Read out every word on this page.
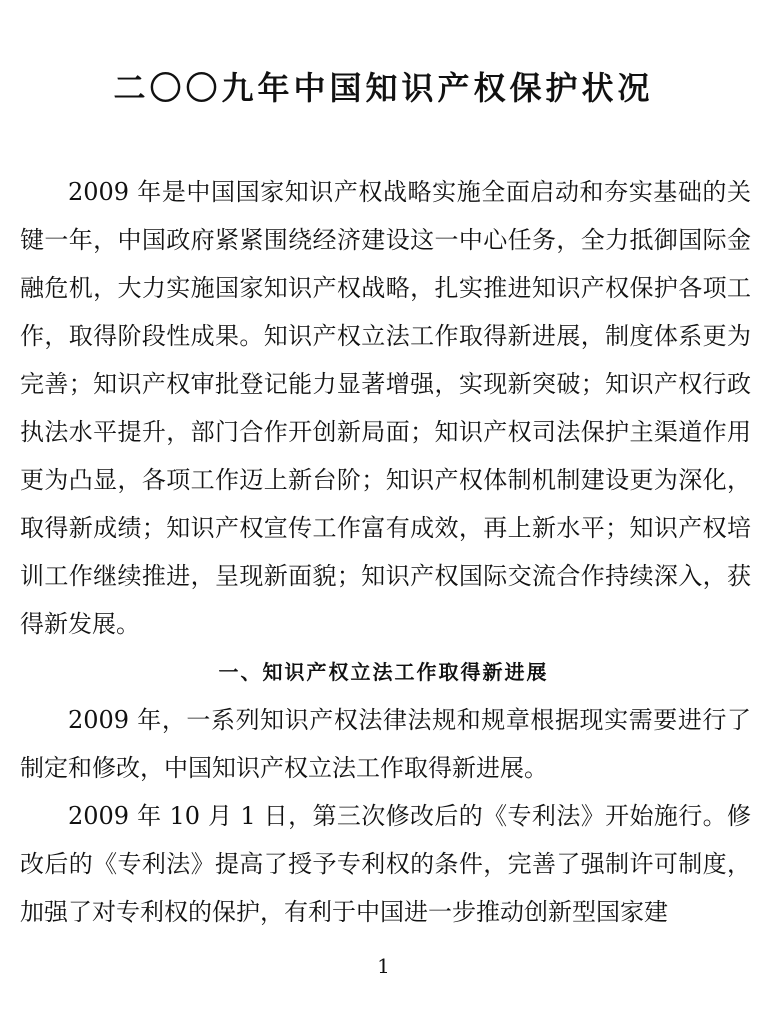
二〇〇九年中国知识产权保护状况

2009 年是中国国家知识产权战略实施全面启动和夯实基础的关键一年，中国政府紧紧围绕经济建设这一中心任务，全力抵御国际金融危机，大力实施国家知识产权战略，扎实推进知识产权保护各项工作，取得阶段性成果。知识产权立法工作取得新进展，制度体系更为完善；知识产权审批登记能力显著增强，实现新突破；知识产权行政执法水平提升，部门合作开创新局面；知识产权司法保护主渠道作用更为凸显，各项工作迈上新台阶；知识产权体制机制建设更为深化，取得新成绩；知识产权宣传工作富有成效，再上新水平；知识产权培训工作继续推进，呈现新面貌；知识产权国际交流合作持续深入，获得新发展。

一、知识产权立法工作取得新进展

2009 年，一系列知识产权法律法规和规章根据现实需要进行了制定和修改，中国知识产权立法工作取得新进展。

2009 年 10 月 1 日，第三次修改后的《专利法》开始施行。修改后的《专利法》提高了授予专利权的条件，完善了强制许可制度，加强了对专利权的保护，有利于中国进一步推动创新型国家建

1
